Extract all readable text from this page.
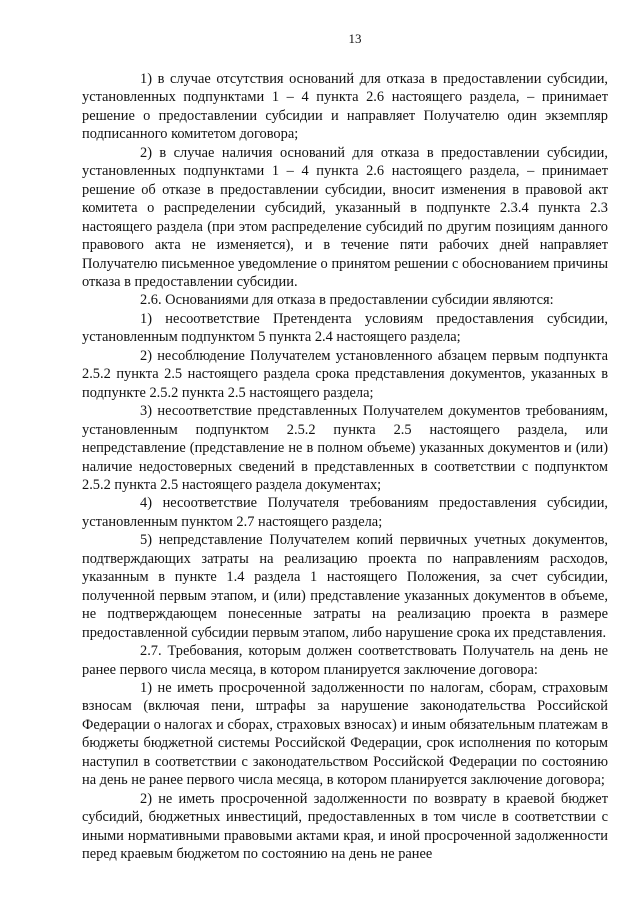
13

1) в случае отсутствия оснований для отказа в предоставлении субсидии, установленных подпунктами 1 – 4 пункта 2.6 настоящего раздела, – принимает решение о предоставлении субсидии и направляет Получателю один экземпляр подписанного комитетом договора;

2) в случае наличия оснований для отказа в предоставлении субсидии, установленных подпунктами 1 – 4 пункта 2.6 настоящего раздела, – принимает решение об отказе в предоставлении субсидии, вносит изменения в правовой акт комитета о распределении субсидий, указанный в подпункте 2.3.4 пункта 2.3 настоящего раздела (при этом распределение субсидий по другим позициям данного правового акта не изменяется), и в течение пяти рабочих дней направляет Получателю письменное уведомление о принятом решении с обоснованием причины отказа в предоставлении субсидии.

2.6. Основаниями для отказа в предоставлении субсидии являются:

1) несоответствие Претендента условиям предоставления субсидии, установленным подпунктом 5 пункта 2.4 настоящего раздела;

2) несоблюдение Получателем установленного абзацем первым подпункта 2.5.2 пункта 2.5 настоящего раздела срока представления документов, указанных в подпункте 2.5.2 пункта 2.5 настоящего раздела;

3) несоответствие представленных Получателем документов требованиям, установленным подпунктом 2.5.2 пункта 2.5 настоящего раздела, или непредставление (представление не в полном объеме) указанных документов и (или) наличие недостоверных сведений в представленных в соответствии с подпунктом 2.5.2 пункта 2.5 настоящего раздела документах;

4) несоответствие Получателя требованиям предоставления субсидии, установленным пунктом 2.7 настоящего раздела;

5) непредставление Получателем копий первичных учетных документов, подтверждающих затраты на реализацию проекта по направлениям расходов, указанным в пункте 1.4 раздела 1 настоящего Положения, за счет субсидии, полученной первым этапом, и (или) представление указанных документов в объеме, не подтверждающем понесенные затраты на реализацию проекта в размере предоставленной субсидии первым этапом, либо нарушение срока их представления.

2.7. Требования, которым должен соответствовать Получатель на день не ранее первого числа месяца, в котором планируется заключение договора:

1) не иметь просроченной задолженности по налогам, сборам, страховым взносам (включая пени, штрафы за нарушение законодательства Российской Федерации о налогах и сборах, страховых взносах) и иным обязательным платежам в бюджеты бюджетной системы Российской Федерации, срок исполнения по которым наступил в соответствии с законодательством Российской Федерации по состоянию на день не ранее первого числа месяца, в котором планируется заключение договора;

2) не иметь просроченной задолженности по возврату в краевой бюджет субсидий, бюджетных инвестиций, предоставленных в том числе в соответствии с иными нормативными правовыми актами края, и иной просроченной задолженности перед краевым бюджетом по состоянию на день не ранее
